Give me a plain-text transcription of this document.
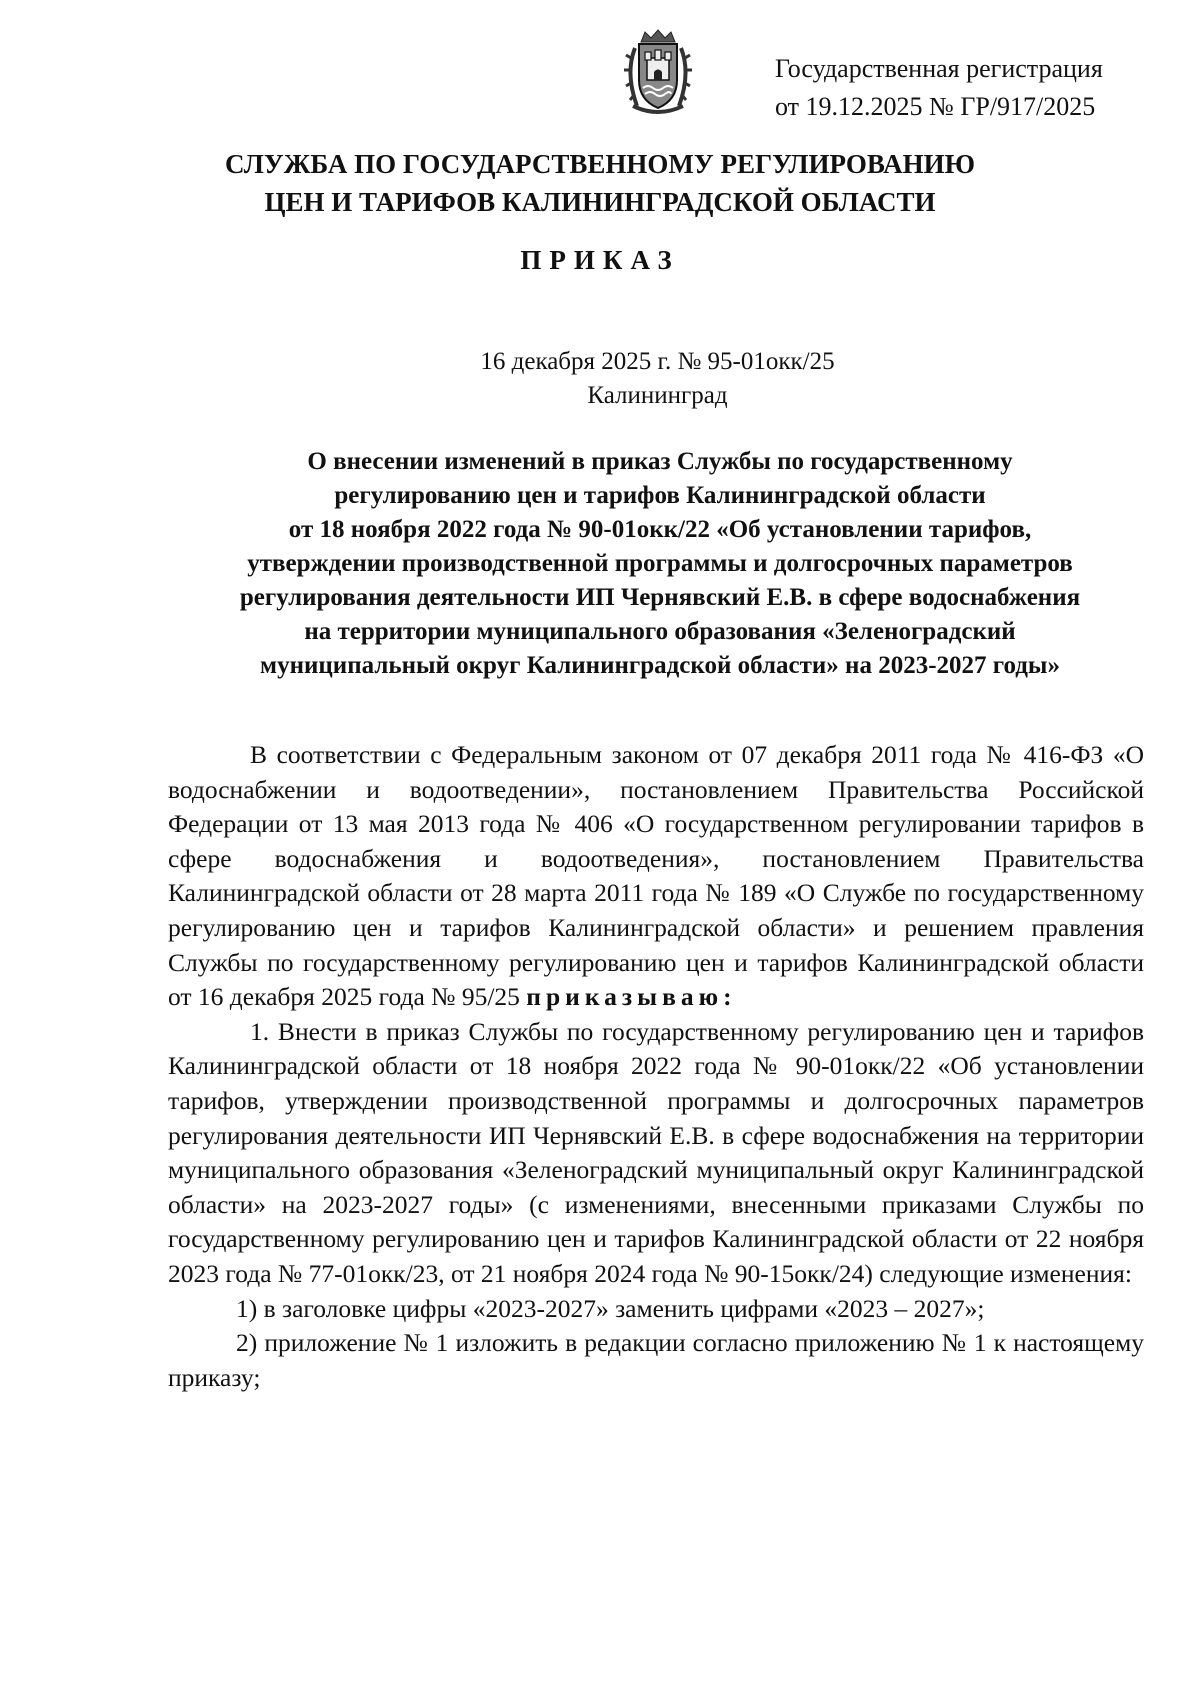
Государственная регистрация
от 19.12.2025 № ГР/917/2025
СЛУЖБА ПО ГОСУДАРСТВЕННОМУ РЕГУЛИРОВАНИЮ
ЦЕН И ТАРИФОВ КАЛИНИНГРАДСКОЙ ОБЛАСТИ
ПРИКАЗ
16 декабря 2025 г. № 95-01окк/25
Калининград
О внесении изменений в приказ Службы по государственному
регулированию цен и тарифов Калининградской области
от 18 ноября 2022 года № 90-01окк/22 «Об установлении тарифов,
утверждении производственной программы и долгосрочных параметров
регулирования деятельности ИП Чернявский Е.В. в сфере водоснабжения
на территории муниципального образования «Зеленоградский
муниципальный округ Калининградской области» на 2023-2027 годы»

В соответствии с Федеральным законом от 07 декабря 2011 года № 416-ФЗ «О водоснабжении и водоотведении», постановлением Правительства Российской Федерации от 13 мая 2013 года № 406 «О государственном регулировании тарифов в сфере водоснабжения и водоотведения», постановлением Правительства Калининградской области от 28 марта 2011 года № 189 «О Службе по государственному регулированию цен и тарифов Калининградской области» и решением правления Службы по государственному регулированию цен и тарифов Калининградской области от 16 декабря 2025 года № 95/25 приказываю:

1. Внести в приказ Службы по государственному регулированию цен и тарифов Калининградской области от 18 ноября 2022 года № 90-01окк/22 «Об установлении тарифов, утверждении производственной программы и долгосрочных параметров регулирования деятельности ИП Чернявский Е.В. в сфере водоснабжения на территории муниципального образования «Зеленоградский муниципальный округ Калининградской области» на 2023-2027 годы» (с изменениями, внесенными приказами Службы по государственному регулированию цен и тарифов Калининградской области от 22 ноября 2023 года № 77-01окк/23, от 21 ноября 2024 года № 90-15окк/24) следующие изменения:

1) в заголовке цифры «2023-2027» заменить цифрами «2023 – 2027»;

2) приложение № 1 изложить в редакции согласно приложению № 1 к настоящему приказу;
